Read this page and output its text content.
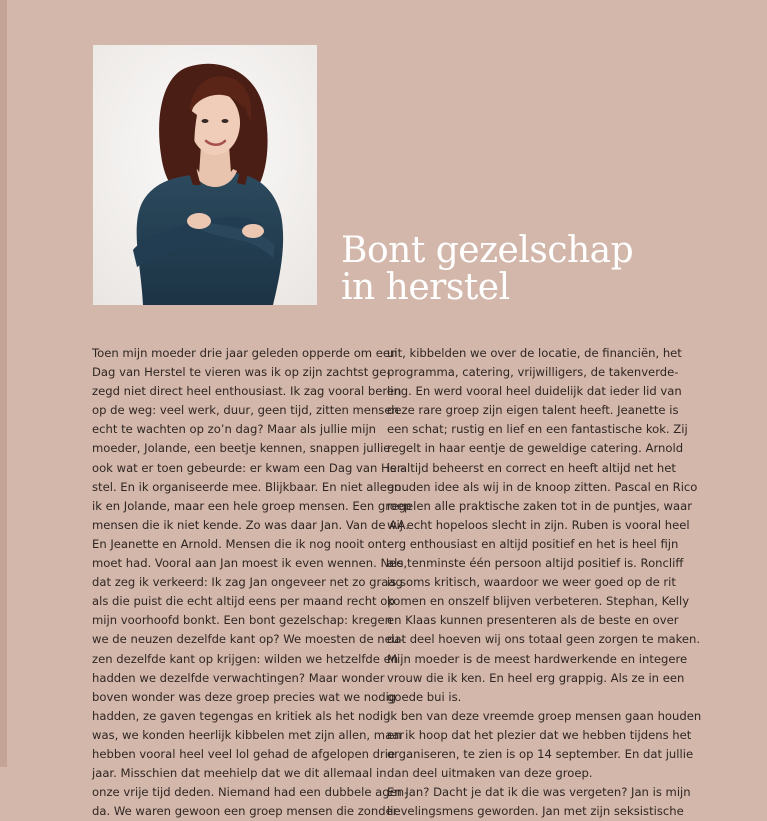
Bont gezelschap
in herstel
Toen mijn moeder drie jaar geleden opperde om een
Dag van Herstel te vieren was ik op zijn zachtst ge-
zegd niet direct heel enthousiast. Ik zag vooral beren
op de weg: veel werk, duur, geen tijd, zitten mensen
echt te wachten op zo’n dag? Maar als jullie mijn
moeder, Jolande, een beetje kennen, snappen jullie
ook wat er toen gebeurde: er kwam een Dag van Her-
stel. En ik organiseerde mee. Blijkbaar. En niet alleen
ik en Jolande, maar een hele groep mensen. Een groep
mensen die ik niet kende. Zo was daar Jan. Van de AA.
En Jeanette en Arnold. Mensen die ik nog nooit ont-
moet had. Vooral aan Jan moest ik even wennen. Nee,
dat zeg ik verkeerd: Ik zag Jan ongeveer net zo graag
als die puist die echt altijd eens per maand recht op
mijn voorhoofd bonkt. Een bont gezelschap: kregen
we de neuzen dezelfde kant op? We moesten de neu-
zen dezelfde kant op krijgen: wilden we hetzelfde en
hadden we dezelfde verwachtingen? Maar wonder
boven wonder was deze groep precies wat we nodig
hadden, ze gaven tegengas en kritiek als het nodig
was, we konden heerlijk kibbelen met zijn allen, maar
hebben vooral heel veel lol gehad de afgelopen drie
jaar. Misschien dat meehielp dat we dit allemaal in
onze vrije tijd deden. Niemand had een dubbele agen-
da. We waren gewoon een groep mensen die zonder
uit, kibbelden we over de locatie, de financiën, het
programma, catering, vrijwilligers, de takenverde-
ling. En werd vooral heel duidelijk dat ieder lid van
deze rare groep zijn eigen talent heeft. Jeanette is
een schat; rustig en lief en een fantastische kok. Zij
regelt in haar eentje de geweldige catering. Arnold
is altijd beheerst en correct en heeft altijd net het
gouden idee als wij in de knoop zitten. Pascal en Rico
regelen alle praktische zaken tot in de puntjes, waar
wij echt hopeloos slecht in zijn. Ruben is vooral heel
erg enthousiast en altijd positief en het is heel fijn
als tenminste één persoon altijd positief is. Roncliff
is soms kritisch, waardoor we weer goed op de rit
komen en onszelf blijven verbeteren. Stephan, Kelly
en Klaas kunnen presenteren als de beste en over
dat deel hoeven wij ons totaal geen zorgen te maken.
Mijn moeder is de meest hardwerkende en integere
vrouw die ik ken. En heel erg grappig. Als ze in een
goede bui is.
Ik ben van deze vreemde groep mensen gaan houden
en ik hoop dat het plezier dat we hebben tijdens het
organiseren, te zien is op 14 september. En dat jullie
dan deel uitmaken van deze groep.
En Jan? Dacht je dat ik die was vergeten? Jan is mijn
lievelingsmens geworden. Jan met zijn seksistische
